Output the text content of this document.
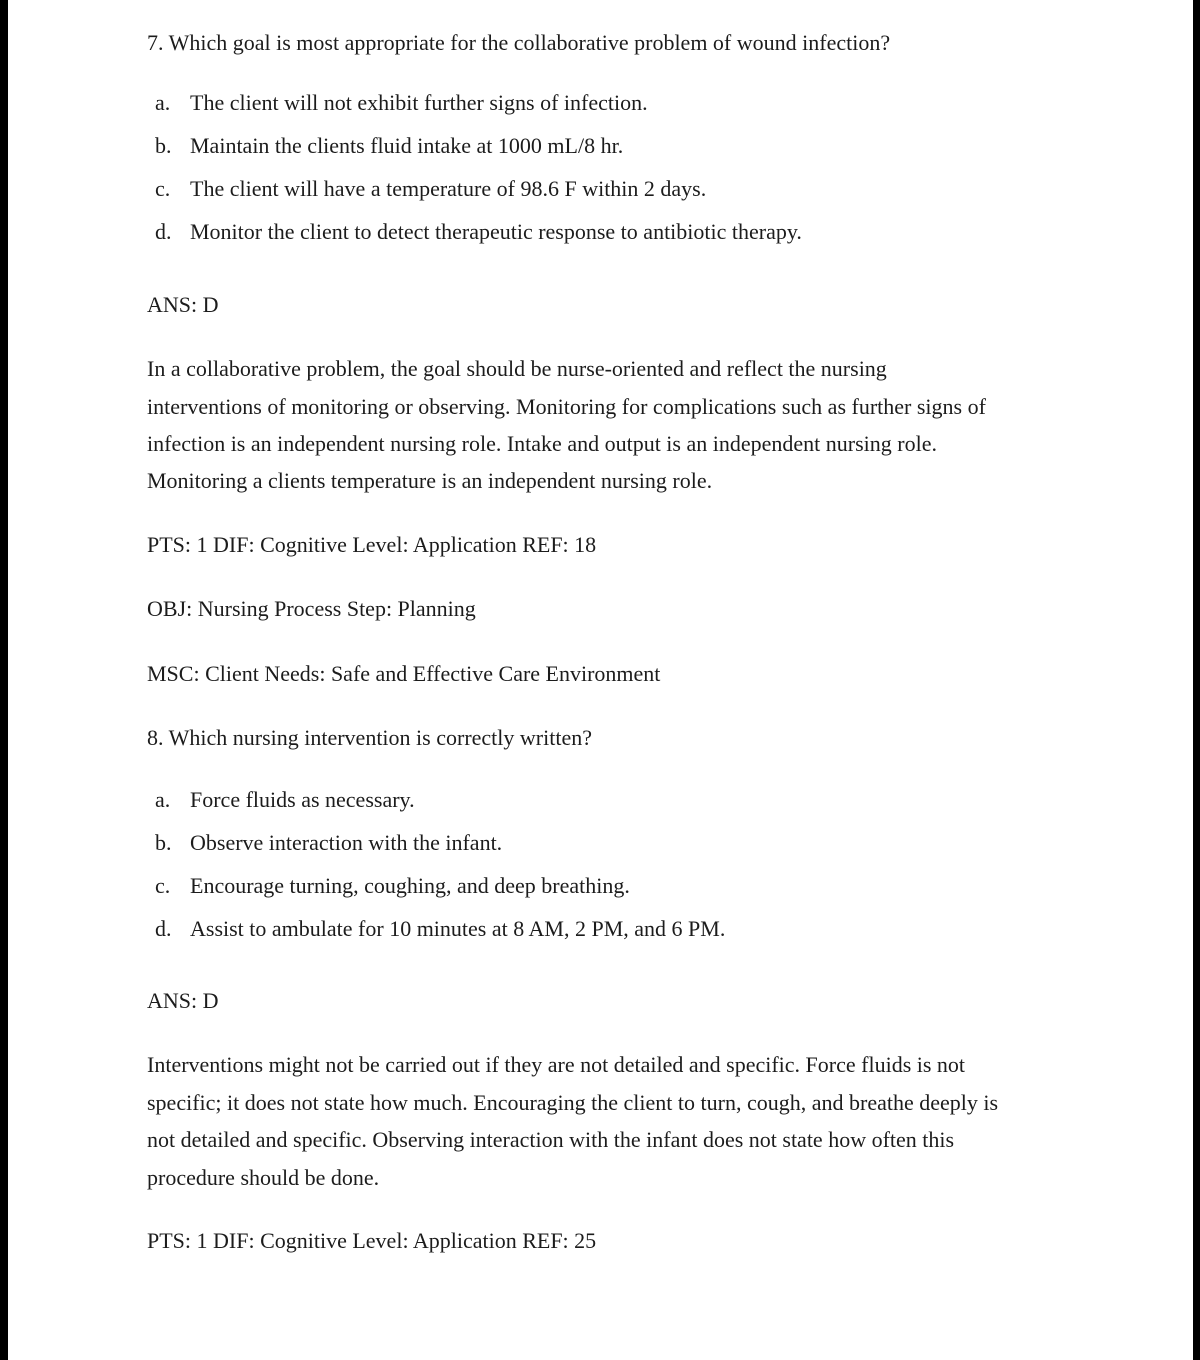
7. Which goal is most appropriate for the collaborative problem of wound infection?
a. The client will not exhibit further signs of infection.
b. Maintain the clients fluid intake at 1000 mL/8 hr.
c. The client will have a temperature of 98.6 F within 2 days.
d. Monitor the client to detect therapeutic response to antibiotic therapy.
ANS: D
In a collaborative problem, the goal should be nurse-oriented and reflect the nursing
interventions of monitoring or observing. Monitoring for complications such as further signs of
infection is an independent nursing role. Intake and output is an independent nursing role.
Monitoring a clients temperature is an independent nursing role.
PTS: 1 DIF: Cognitive Level: Application REF: 18
OBJ: Nursing Process Step: Planning
MSC: Client Needs: Safe and Effective Care Environment
8. Which nursing intervention is correctly written?
a. Force fluids as necessary.
b. Observe interaction with the infant.
c. Encourage turning, coughing, and deep breathing.
d. Assist to ambulate for 10 minutes at 8 AM, 2 PM, and 6 PM.
ANS: D
Interventions might not be carried out if they are not detailed and specific. Force fluids is not
specific; it does not state how much. Encouraging the client to turn, cough, and breathe deeply is
not detailed and specific. Observing interaction with the infant does not state how often this
procedure should be done.
PTS: 1 DIF: Cognitive Level: Application REF: 25
